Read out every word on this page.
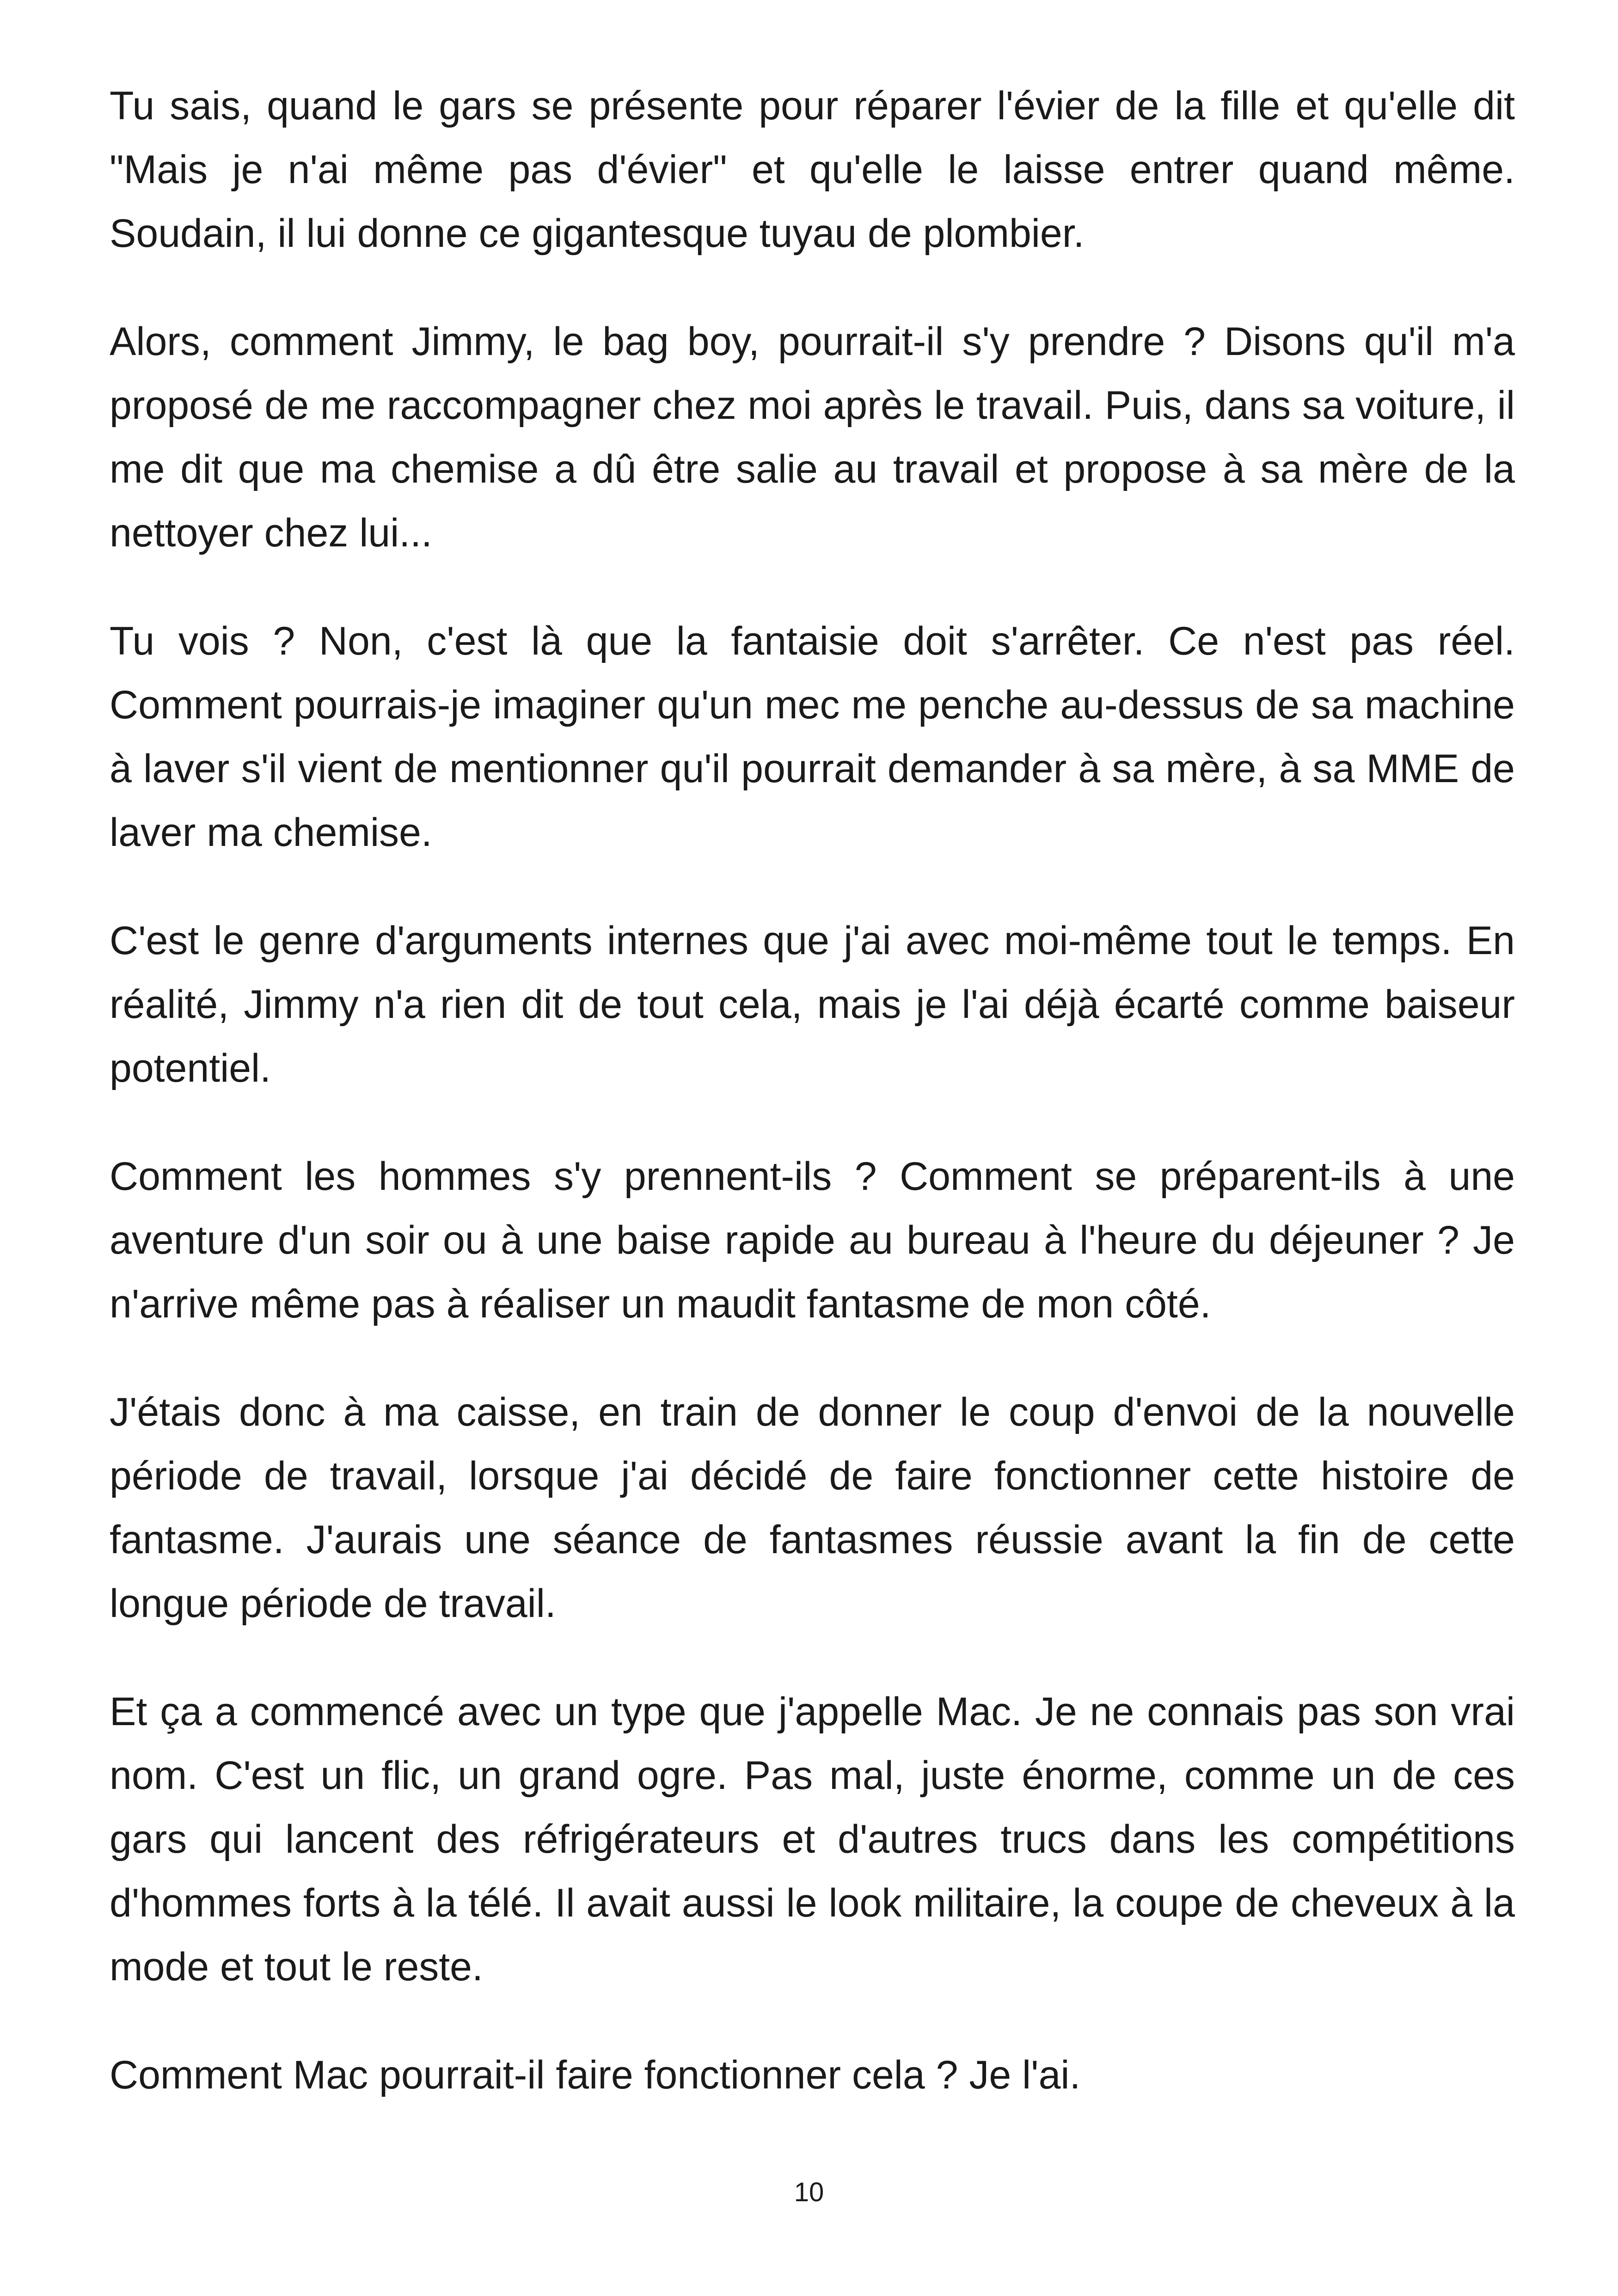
Tu sais, quand le gars se présente pour réparer l'évier de la fille et qu'elle dit "Mais je n'ai même pas d'évier" et qu'elle le laisse entrer quand même. Soudain, il lui donne ce gigantesque tuyau de plombier.

Alors, comment Jimmy, le bag boy, pourrait-il s'y prendre ? Disons qu'il m'a proposé de me raccompagner chez moi après le travail. Puis, dans sa voiture, il me dit que ma chemise a dû être salie au travail et propose à sa mère de la nettoyer chez lui...

Tu vois ? Non, c'est là que la fantaisie doit s'arrêter. Ce n'est pas réel. Comment pourrais-je imaginer qu'un mec me penche au-dessus de sa machine à laver s'il vient de mentionner qu'il pourrait demander à sa mère, à sa MME de laver ma chemise.

C'est le genre d'arguments internes que j'ai avec moi-même tout le temps. En réalité, Jimmy n'a rien dit de tout cela, mais je l'ai déjà écarté comme baiseur potentiel.

Comment les hommes s'y prennent-ils ? Comment se préparent-ils à une aventure d'un soir ou à une baise rapide au bureau à l'heure du déjeuner ? Je n'arrive même pas à réaliser un maudit fantasme de mon côté.

J'étais donc à ma caisse, en train de donner le coup d'envoi de la nouvelle période de travail, lorsque j'ai décidé de faire fonctionner cette histoire de fantasme. J'aurais une séance de fantasmes réussie avant la fin de cette longue période de travail.

Et ça a commencé avec un type que j'appelle Mac. Je ne connais pas son vrai nom. C'est un flic, un grand ogre. Pas mal, juste énorme, comme un de ces gars qui lancent des réfrigérateurs et d'autres trucs dans les compétitions d'hommes forts à la télé. Il avait aussi le look militaire, la coupe de cheveux à la mode et tout le reste.

Comment Mac pourrait-il faire fonctionner cela ? Je l'ai.

10
